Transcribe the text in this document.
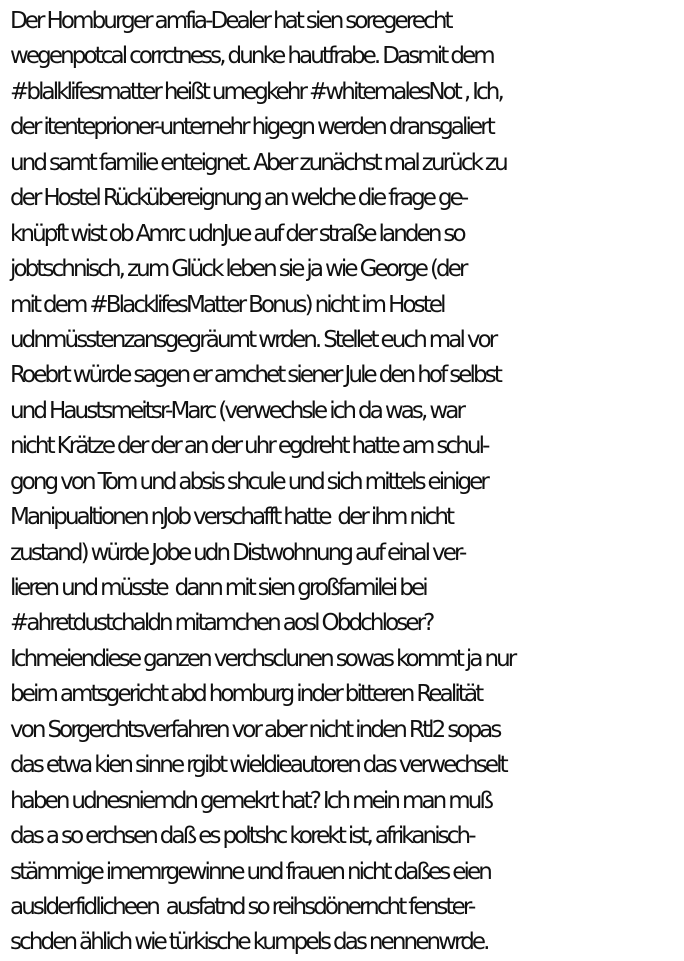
Der Homburger amfia-Dealer hat sien soregerecht
wegenpotcal corrctness, dunke hautfrabe. Dasmit dem
#blalklifesmatter heißt umegkehr #whitemalesNot , Ich,
der itenteprioner-unternehr higegn werden dransgaliert
und samt familie enteignet. Aber zunächst mal zurück zu
der Hostel Rückübereignung an welche die frage ge-
knüpft wist ob Amrc udnJue auf der straße landen so
jobtschnisch, zum Glück leben sie ja wie George (der
mit dem #BlacklifesMatter Bonus) nicht im Hostel
udnmüsstenzansgegräumt wrden. Stellet euch mal vor
Roebrt würde sagen er amchet siener Jule den hof selbst
und Haustsmeitsr-Marc (verwechsle ich da was, war
nicht Krätze der der an der uhr egdreht hatte am schul-
gong von Tom und absis shcule und sich mittels einiger
Manipualtionen nJob verschafft hatte  der ihm nicht
zustand) würde Jobe udn Distwohnung auf einal ver-
lieren und müsste  dann mit sien großfamilei bei
#ahretdustchaldn mitamchen aosl Obdchloser?
Ichmeiendiese ganzen verchsclunen sowas kommt ja nur
beim amtsgericht abd homburg inder bitteren Realität
von Sorgerchtsverfahren vor aber nicht inden Rtl2 sopas
das etwa kien sinne rgibt wieldieautoren das verwechselt
haben udnesniemdn gemekrt hat? Ich mein man muß
das a so erchsen daß es poltshc korekt ist, afrikanisch-
stämmige imemrgewinne und frauen nicht daßes eien
auslderfidlicheen  ausfatnd so reihsdönerncht fenster-
schden ählich wie türkische kumpels das nennenwrde.
